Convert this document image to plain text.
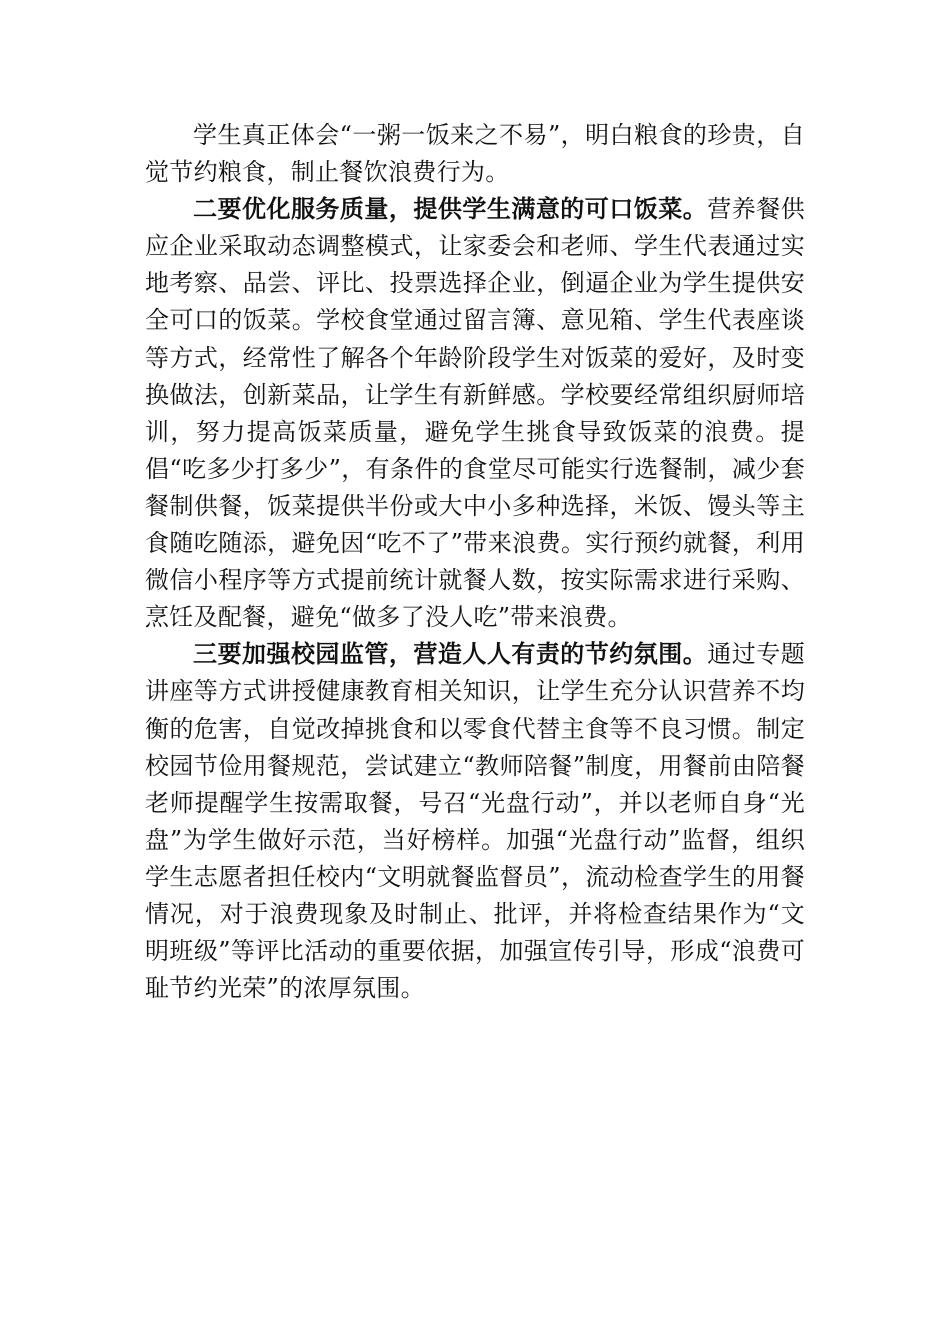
学生真正体会“一粥一饭来之不易”，明白粮食的珍贵，自觉节约粮食，制止餐饮浪费行为。

二要优化服务质量，提供学生满意的可口饭菜。营养餐供应企业采取动态调整模式，让家委会和老师、学生代表通过实地考察、品尝、评比、投票选择企业，倒逼企业为学生提供安全可口的饭菜。学校食堂通过留言簿、意见箱、学生代表座谈等方式，经常性了解各个年龄阶段学生对饭菜的爱好，及时变换做法，创新菜品，让学生有新鲜感。学校要经常组织厨师培训，努力提高饭菜质量，避免学生挑食导致饭菜的浪费。提倡“吃多少打多少”，有条件的食堂尽可能实行选餐制，减少套餐制供餐，饭菜提供半份或大中小多种选择，米饭、馒头等主食随吃随添，避免因“吃不了”带来浪费。实行预约就餐，利用微信小程序等方式提前统计就餐人数，按实际需求进行采购、烹饪及配餐，避免“做多了没人吃”带来浪费。

三要加强校园监管，营造人人有责的节约氛围。通过专题讲座等方式讲授健康教育相关知识，让学生充分认识营养不均衡的危害，自觉改掉挑食和以零食代替主食等不良习惯。制定校园节俭用餐规范，尝试建立“教师陪餐”制度，用餐前由陪餐老师提醒学生按需取餐，号召“光盘行动”，并以老师自身“光盘”为学生做好示范，当好榜样。加强“光盘行动”监督，组织学生志愿者担任校内“文明就餐监督员”，流动检查学生的用餐情况，对于浪费现象及时制止、批评，并将检查结果作为“文明班级”等评比活动的重要依据，加强宣传引导，形成“浪费可耻节约光荣”的浓厚氛围。
